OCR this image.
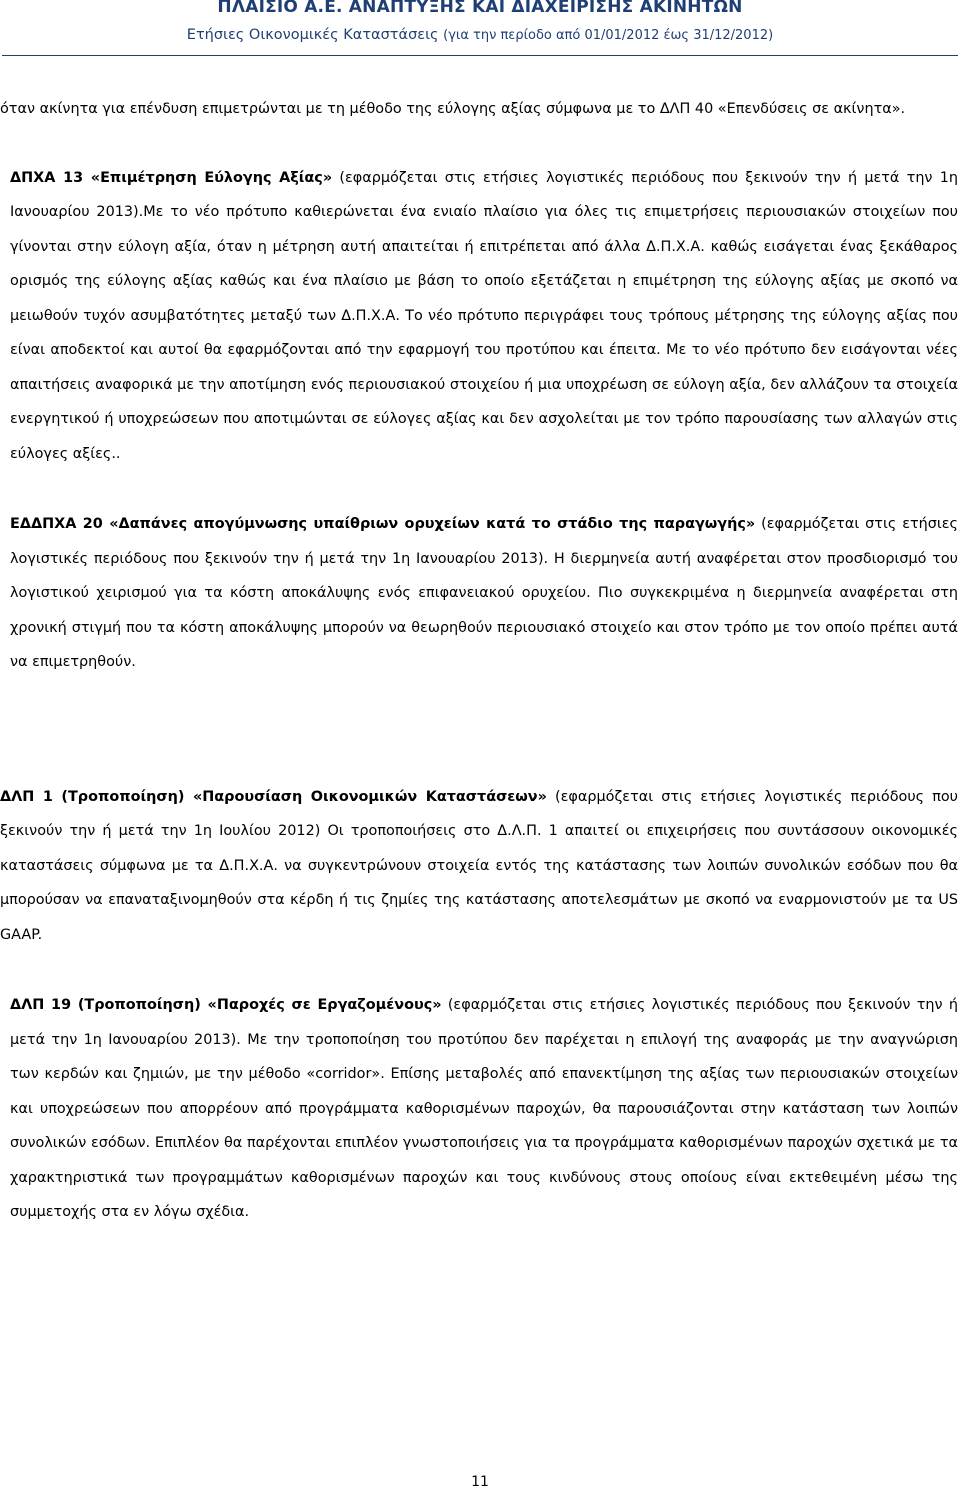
ΠΛΑΙΣΙΟ Α.Ε. ΑΝΑΠΤΥΞΗΣ ΚΑΙ ΔΙΑΧΕΙΡΙΣΗΣ ΑΚΙΝΗΤΩΝ
Ετήσιες Οικονομικές Καταστάσεις (για την περίοδο από 01/01/2012 έως 31/12/2012)

όταν ακίνητα για επένδυση επιμετρώνται με τη μέθοδο της εύλογης αξίας σύμφωνα με το ΔΛΠ 40 «Επενδύσεις σε ακίνητα».

ΔΠΧΑ 13 «Επιμέτρηση Εύλογης Αξίας» (εφαρμόζεται στις ετήσιες λογιστικές περιόδους που ξεκινούν την ή μετά την 1η Ιανουαρίου 2013).Με το νέο πρότυπο καθιερώνεται ένα ενιαίο πλαίσιο για όλες τις επιμετρήσεις περιουσιακών στοιχείων που γίνονται στην εύλογη αξία, όταν η μέτρηση αυτή απαιτείται ή επιτρέπεται από άλλα Δ.Π.Χ.Α. καθώς εισάγεται ένας ξεκάθαρος ορισμός της εύλογης αξίας καθώς και ένα πλαίσιο με βάση το οποίο εξετάζεται η επιμέτρηση της εύλογης αξίας με σκοπό να μειωθούν τυχόν ασυμβατότητες μεταξύ των Δ.Π.Χ.Α. Το νέο πρότυπο περιγράφει τους τρόπους μέτρησης της εύλογης αξίας που είναι αποδεκτοί και αυτοί θα εφαρμόζονται από την εφαρμογή του προτύπου και έπειτα. Με το νέο πρότυπο δεν εισάγονται νέες απαιτήσεις αναφορικά με την αποτίμηση ενός περιουσιακού στοιχείου ή μια υποχρέωση σε εύλογη αξία, δεν αλλάζουν τα στοιχεία ενεργητικού ή υποχρεώσεων που αποτιμώνται σε εύλογες αξίας και δεν ασχολείται με τον τρόπο παρουσίασης των αλλαγών στις εύλογες αξίες..

ΕΔΔΠΧΑ 20 «Δαπάνες απογύμνωσης υπαίθριων ορυχείων κατά το στάδιο της παραγωγής» (εφαρμόζεται στις ετήσιες λογιστικές περιόδους που ξεκινούν την ή μετά την 1η Ιανουαρίου 2013). Η διερμηνεία αυτή αναφέρεται στον προσδιορισμό του λογιστικού χειρισμού για τα κόστη αποκάλυψης ενός επιφανειακού ορυχείου. Πιο συγκεκριμένα η διερμηνεία αναφέρεται στη χρονική στιγμή που τα κόστη αποκάλυψης μπορούν να θεωρηθούν περιουσιακό στοιχείο και στον τρόπο με τον οποίο πρέπει αυτά να επιμετρηθούν.

ΔΛΠ 1 (Τροποποίηση) «Παρουσίαση Οικονομικών Καταστάσεων» (εφαρμόζεται στις ετήσιες λογιστικές περιόδους που ξεκινούν την ή μετά την 1η Ιουλίου 2012) Οι τροποποιήσεις στο Δ.Λ.Π. 1 απαιτεί οι επιχειρήσεις που συντάσσουν οικονομικές καταστάσεις σύμφωνα με τα Δ.Π.Χ.Α. να συγκεντρώνουν στοιχεία εντός της κατάστασης των λοιπών συνολικών εσόδων που θα μπορούσαν να επαναταξινομηθούν στα κέρδη ή τις ζημίες της κατάστασης αποτελεσμάτων με σκοπό να εναρμονιστούν με τα US GAAP.

ΔΛΠ 19 (Τροποποίηση) «Παροχές σε Εργαζομένους» (εφαρμόζεται στις ετήσιες λογιστικές περιόδους που ξεκινούν την ή μετά την 1η Ιανουαρίου 2013). Με την τροποποίηση του προτύπου δεν παρέχεται η επιλογή της αναφοράς με την αναγνώριση των κερδών και ζημιών, με την μέθοδο «corridor». Επίσης μεταβολές από επανεκτίμηση της αξίας των περιουσιακών στοιχείων και υποχρεώσεων που απορρέουν από προγράμματα καθορισμένων παροχών, θα παρουσιάζονται στην κατάσταση των λοιπών συνολικών εσόδων. Επιπλέον θα παρέχονται επιπλέον γνωστοποιήσεις για τα προγράμματα καθορισμένων παροχών σχετικά με τα χαρακτηριστικά των προγραμμάτων καθορισμένων παροχών και τους κινδύνους στους οποίους είναι εκτεθειμένη μέσω της συμμετοχής στα εν λόγω σχέδια.

11
